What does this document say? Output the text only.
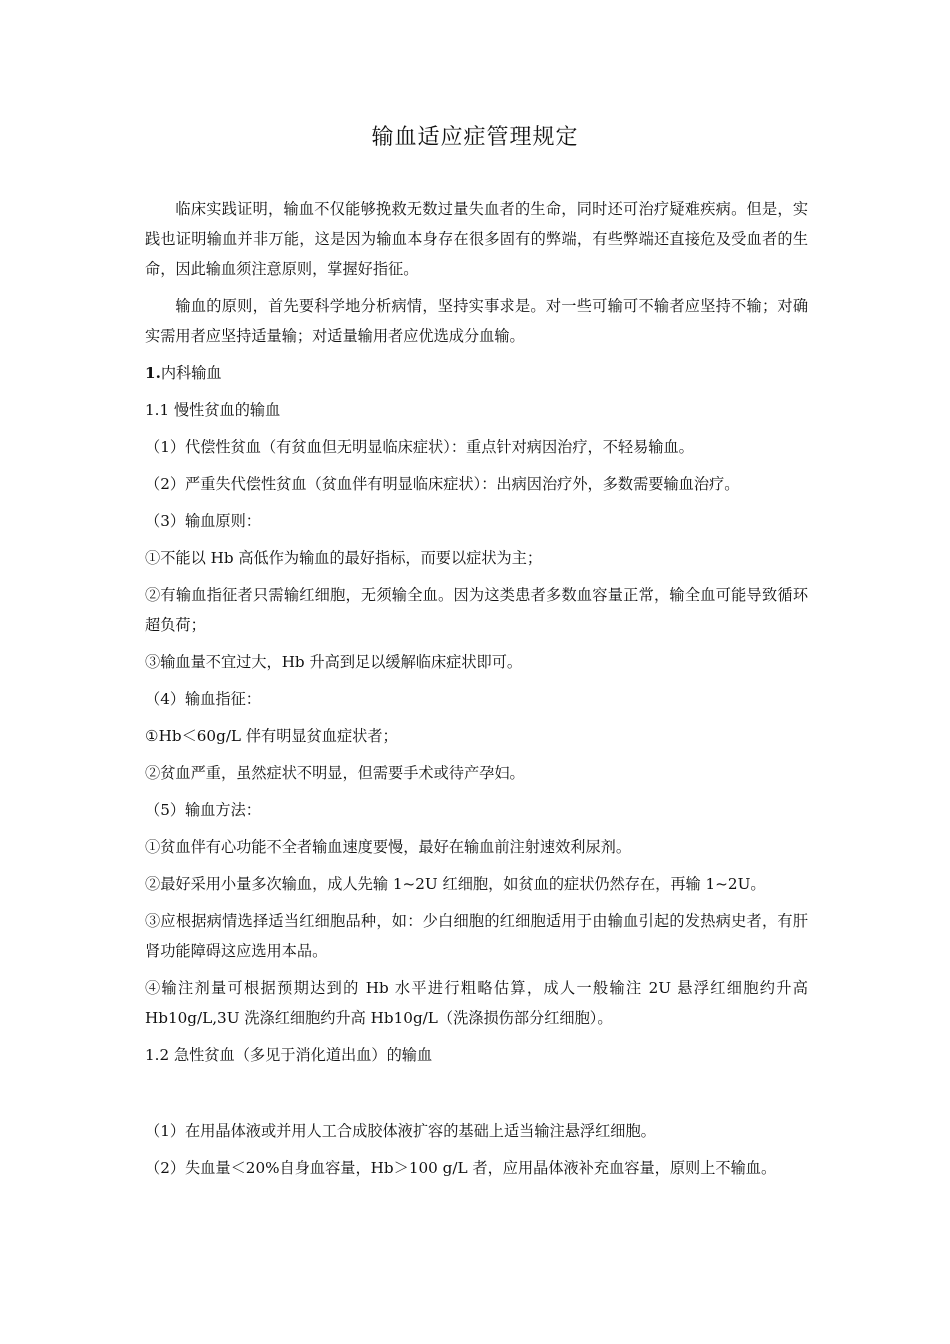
输血适应症管理规定

临床实践证明，输血不仅能够挽救无数过量失血者的生命，同时还可治疗疑难疾病。但是，实践也证明输血并非万能，这是因为输血本身存在很多固有的弊端，有些弊端还直接危及受血者的生命，因此输血须注意原则，掌握好指征。

输血的原则，首先要科学地分析病情，坚持实事求是。对一些可输可不输者应坚持不输；对确实需用者应坚持适量输；对适量输用者应优选成分血输。

1.内科输血

1.1 慢性贫血的输血

（1）代偿性贫血（有贫血但无明显临床症状）：重点针对病因治疗，不轻易输血。

（2）严重失代偿性贫血（贫血伴有明显临床症状）：出病因治疗外，多数需要输血治疗。

（3）输血原则：

①不能以 Hb 高低作为输血的最好指标，而要以症状为主；

②有输血指征者只需输红细胞，无须输全血。因为这类患者多数血容量正常，输全血可能导致循环超负荷；

③输血量不宜过大，Hb 升高到足以缓解临床症状即可。

（4）输血指征：

①Hb＜60g/L 伴有明显贫血症状者；

②贫血严重，虽然症状不明显，但需要手术或待产孕妇。

（5）输血方法：

①贫血伴有心功能不全者输血速度要慢，最好在输血前注射速效利尿剂。

②最好采用小量多次输血，成人先输 1~2U 红细胞，如贫血的症状仍然存在，再输 1~2U。

③应根据病情选择适当红细胞品种，如：少白细胞的红细胞适用于由输血引起的发热病史者，有肝肾功能障碍这应选用本品。

④输注剂量可根据预期达到的 Hb 水平进行粗略估算，成人一般输注 2U 悬浮红细胞约升高 Hb10g/L,3U 洗涤红细胞约升高 Hb10g/L（洗涤损伤部分红细胞）。

1.2 急性贫血（多见于消化道出血）的输血

（1）在用晶体液或并用人工合成胶体液扩容的基础上适当输注悬浮红细胞。

（2）失血量＜20%自身血容量，Hb＞100 g/L 者，应用晶体液补充血容量，原则上不输血。
